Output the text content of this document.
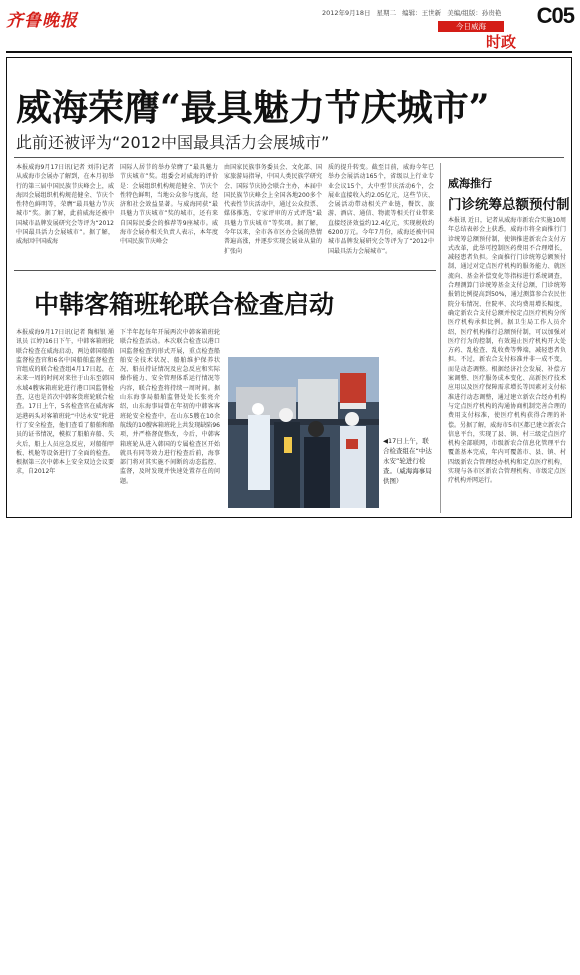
齐鲁晚报	2012年9月18日 星期二 编辑：王世新 美编/组版：孙贵艳 C05
今日威海
时政
威海荣膺“最具魅力节庆城市”
此前还被评为“2012中国最具活力会展城市”
本报威海9月17日讯(记者 刘洋)记者从威海市会展办了解到，在本月初举行的第三届中国民族节庆峰会上，威海因会展组织机构规范健全、节庆个性特色鲜明等，荣膺“最具魅力节庆城市”奖。据了解，此前威海还被中国城市品牌发展研究会等评为“2012中国最具活力会展城市”。据了解，威海因中国威海
国际人居节的举办荣膺了“最具魅力节庆城市”奖。组委会对威海的评价是：会展组织机构规范健全、节庆个性特色鲜明，当地公众参与度高，经济和社会效益显著。与威海同获“最具魅力节庆城市”奖的城市，还有来自国际民委会的推荐等9座城市。威海市会展办相关负责人表示，本年度中国民族节庆峰会
由国家民族事务委员会、文化部、国家旅游局指导，中国人类民族学研究会、国际节庆协会联合主办，本届中国民族节庆峰会上全国各地200多个代表性节庆活动中，通过公众投票、媒体推选、专家评审的方式评选“最具魅力节庆城市”等奖项。据了解，今年以来，全市各市区办会展的热情普遍高涨，并逐步实现会展业从量的扩张向
质的提升转变。截至目前，威海今年已举办会展活动165个，省级以上行业专业会议15个，大中型节庆活动6个，会展业直接收入约2.05亿元，这些节庆、会展活动带动相关产业链，餐饮、旅游、酒店、通信、物流等相关行业带来直接经济效益约12.4亿元，实现税收约6200万元。今年7月份，威海还被中国城市品牌发展研究会等评为了“2012中国最具活力会展城市”。
威海推行
门诊统筹总额预付制
本报讯 近日，记者从威海市新农合实施10周年总结表彰会上获悉，威海市将全面推行门诊统筹总额预付制，使镇推进新农合支付方式改革，此举可控制医药费用不合理增长，减轻患者负担。全面推行门诊统筹总额预付制，通过对定点医疗机构的服务能力、就医流向、基金补偿变化等指标进行系统调查，合理测算门诊统筹基金支付总额，门诊统筹报销比例提高到50%，通过测算参合农民住院分布情况、住院率、次均费用增长幅度，确定新农合支付总额并按定点医疗机构分所医疗机构承担比例。据卫生局工作人员介绍，医疗机构推行总额预付制，可以加强对医疗行为的控制，有效遏止医疗机构开大处方药、乱检查、乱收费等弊端，减轻患者负担。不过，新农合支付标准并非一成不变，而是动态调整。根据经济社会发展、补偿方案调整、医疗服务成本变化、高新医疗技术应用以及医疗保障需求增长等因素对支付标准进行动态调整，通过建立新农合经办机构与定点医疗机构的沟通协商机制完善合理的费用支付标准，使医疗机构获得合理的补偿。另据了解，威海市5市区都已建立新农合信息平台，实现了县、镇、村三级定点医疗机构全部联网，市级新农合信息化管理平台覆盖基本完成，年内可覆盖市、县、镇、村四级新农合管理经办机构和定点医疗机构，实现与各市区新农合管理机构、市级定点医疗机构并网运行。
中韩客箱班轮联合检查启动
本报威海9月17日讯(记者 陶相银 通讯员 江婷)16日下午，中韩客箱班轮联合检查在威海启动，两边韩国船舶监督检查官和6名中国船舶监督检查官组成的联合检查组4月17日起，在未来一周的时间对来往于山东至韩国水域4艘客箱班轮进行港口国监督检查，这也是首次中韩客货班轮联合检查。17日上午，5名检查官在威海客运港码头对客箱班轮“中达永安”轮进行了安全检查，他们查看了船舶和船员的证书情况，模拟了船舶弃船、失火后，船上人员应急反应，对船舶甲板、机舱等设备进行了全面的检查。根据第三次中韩本上安全双边会议要求，自2012年
下半年起每年开展两次中韩客箱班轮联合检查活动。本次联合检查以港口国监督检查的形式开展，重点检查船舶安全技术状况、船舶维护保养状况、船员持证情况及应急反应和实际操作能力、安全管理体系运行情况等内容，联合检查将持续一周时间。据山东海事局船舶监督处处长张亮介绍，山东海事局曾在年初的中韩客客班轮安全检查中，在山东5艘在10余航线的10艘客箱班轮上共发现缺陷96项，并严格督促整改，今后，中韩客箱班轮从进入韩国的专属检查区开始就具有同等效力进行检查后前，海事部门将对其实施不间断的动态监控、监督，及时发现并快速处置存在的问题。
◀17日上午，联合检查组在“中达永安”轮进行检查。（威海海事局供图）
